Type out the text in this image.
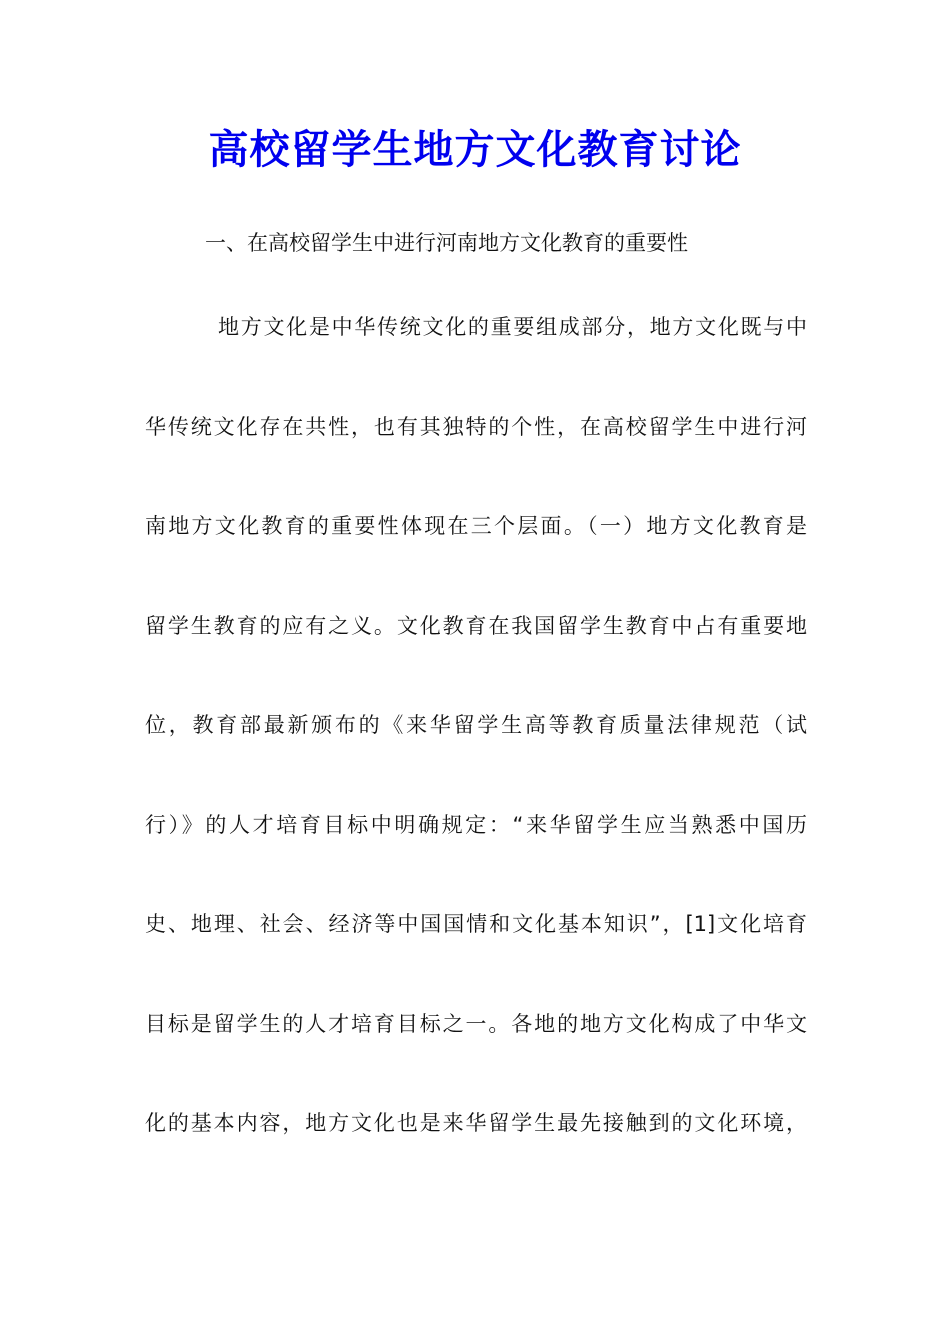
高校留学生地方文化教育讨论

一、在高校留学生中进行河南地方文化教育的重要性

地方文化是中华传统文化的重要组成部分，地方文化既与中
华传统文化存在共性，也有其独特的个性，在高校留学生中进行河
南地方文化教育的重要性体现在三个层面。（一）地方文化教育是
留学生教育的应有之义。文化教育在我国留学生教育中占有重要地
位，教育部最新颁布的《来华留学生高等教育质量法律规范（试
行）》的人才培育目标中明确规定：“来华留学生应当熟悉中国历
史、地理、社会、经济等中国国情和文化基本知识”，[1]文化培育
目标是留学生的人才培育目标之一。各地的地方文化构成了中华文
化的基本内容，地方文化也是来华留学生最先接触到的文化环境，
